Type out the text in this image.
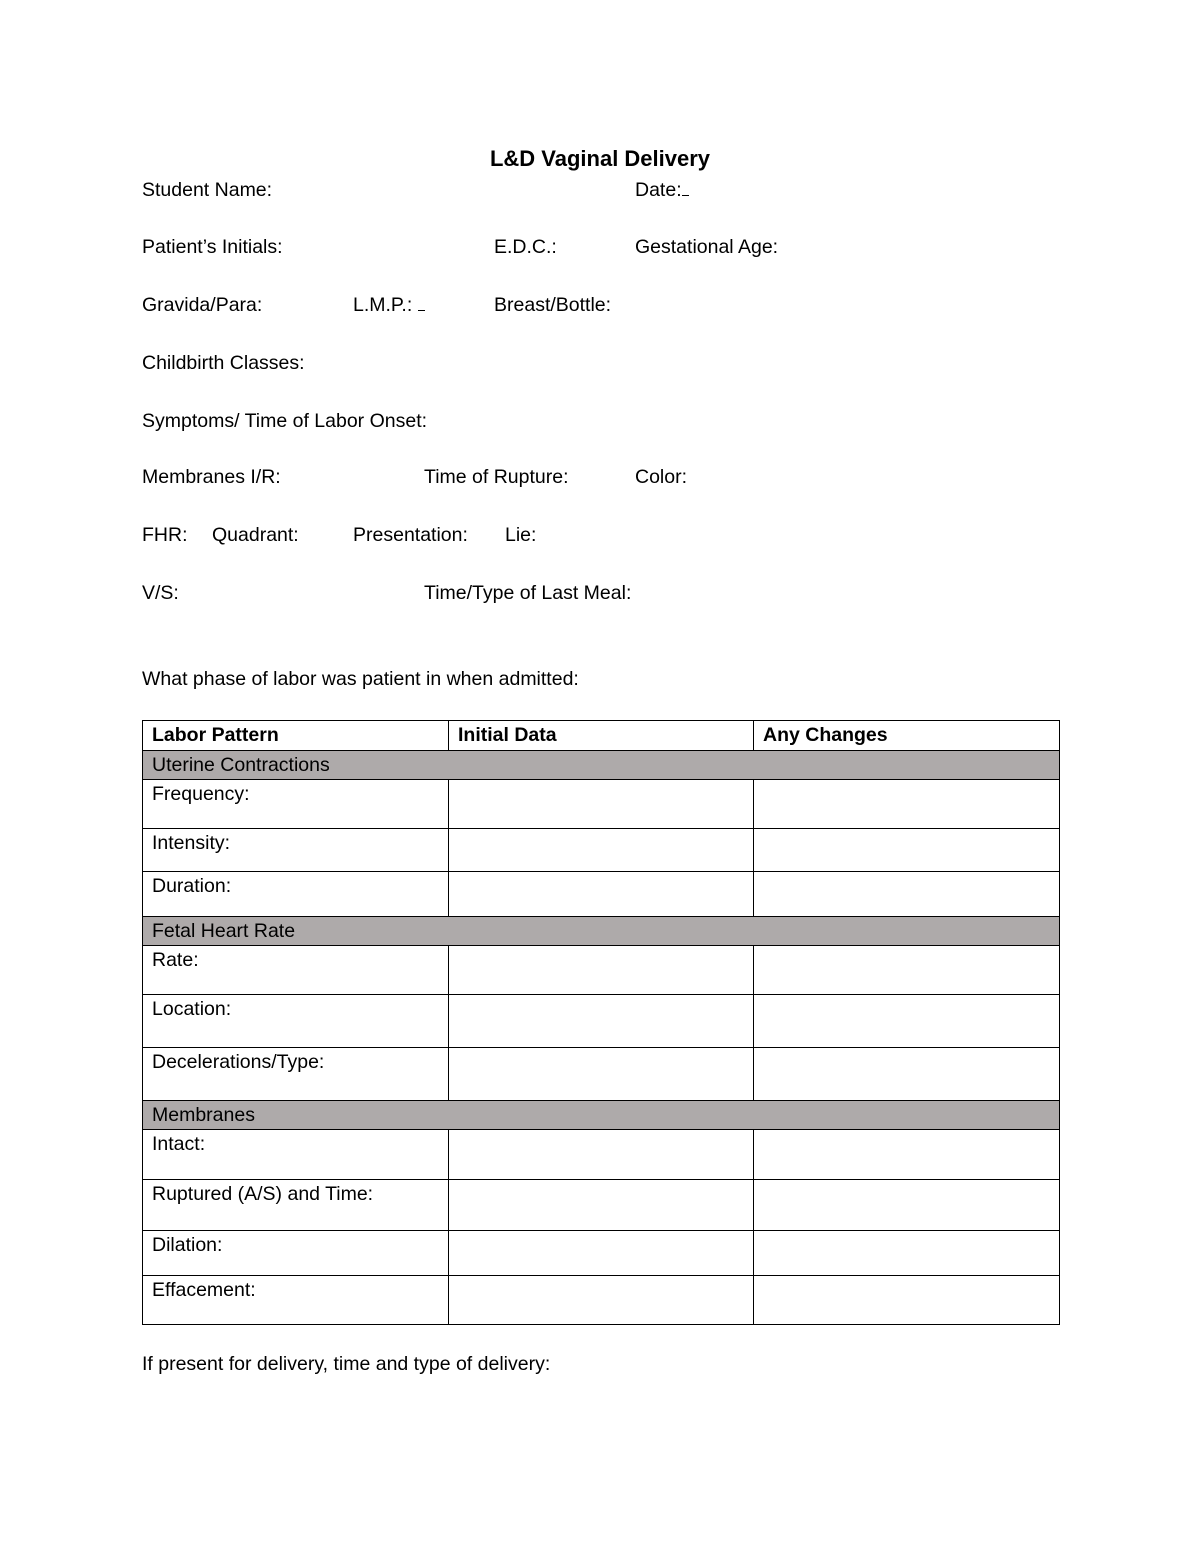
L&D Vaginal Delivery
Student Name:	Date:
Patient’s Initials:	E.D.C.:	Gestational Age:
Gravida/Para:	L.M.P.:	Breast/Bottle:
Childbirth Classes:
Symptoms/ Time of Labor Onset:
Membranes I/R:	Time of Rupture:	Color:
FHR: Quadrant:	Presentation: Lie:
V/S:	Time/Type of Last Meal:
What phase of labor was patient in when admitted:
Labor Pattern	Initial Data	Any Changes
Uterine Contractions		
Frequency:		
Intensity:		
Duration:		
Fetal Heart Rate		
Rate:		
Location:		
Decelerations/Type:		
Membranes		
Intact:		
Ruptured (A/S) and Time:		
Dilation:		
Effacement:		
If present for delivery, time and type of delivery:
